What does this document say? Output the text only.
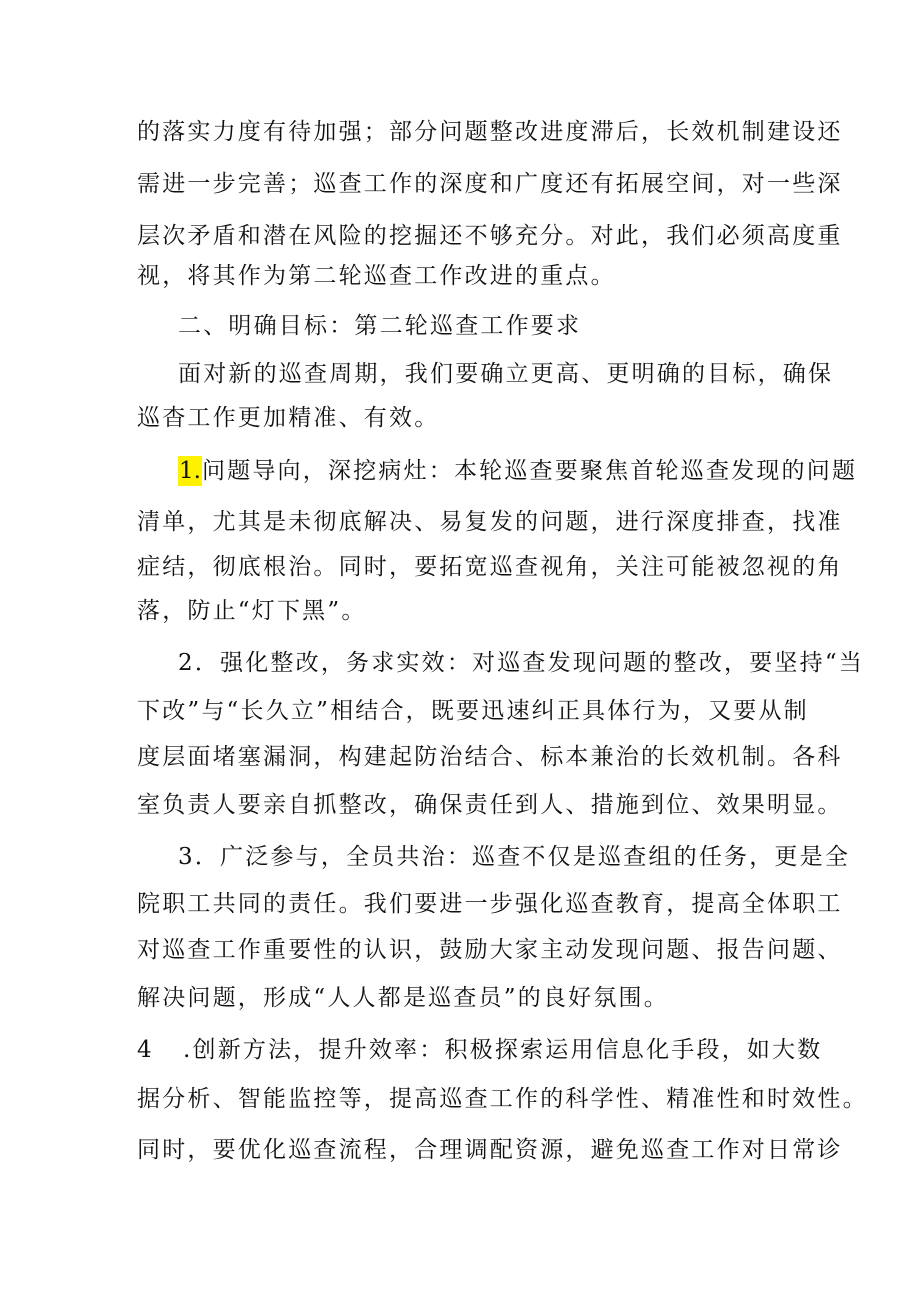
的落实力度有待加强；部分问题整改进度滞后，长效机制建设还
需进一步完善；巡查工作的深度和广度还有拓展空间，对一些深
层次矛盾和潜在风险的挖掘还不够充分。对此，我们必须高度重
视，将其作为第二轮巡查工作改进的重点。
二、明确目标：第二轮巡查工作要求
面对新的巡查周期，我们要确立更高、更明确的目标，确保
巡杳工作更加精准、有效。
1.问题导向，深挖病灶：本轮巡查要聚焦首轮巡查发现的问题
清单，尤其是未彻底解决、易复发的问题，进行深度排查，找准
症结，彻底根治。同时，要拓宽巡查视角，关注可能被忽视的角
落，防止“灯下黑”。
2．强化整改，务求实效：对巡查发现问题的整改，要坚持“当
下改”与“长久立”相结合，既要迅速纠正具体行为，又要从制
度层面堵塞漏洞，构建起防治结合、标本兼治的长效机制。各科
室负责人要亲自抓整改，确保责任到人、措施到位、效果明显。
3．广泛参与，全员共治：巡查不仅是巡查组的任务，更是全
院职工共同的责任。我们要进一步强化巡查教育，提高全体职工
对巡查工作重要性的认识，鼓励大家主动发现问题、报告问题、
解决问题，形成“人人都是巡查员”的良好氛围。
4 .创新方法，提升效率：积极探索运用信息化手段，如大数
据分析、智能监控等，提高巡查工作的科学性、精准性和时效性。
同时，要优化巡查流程，合理调配资源，避免巡查工作对日常诊
